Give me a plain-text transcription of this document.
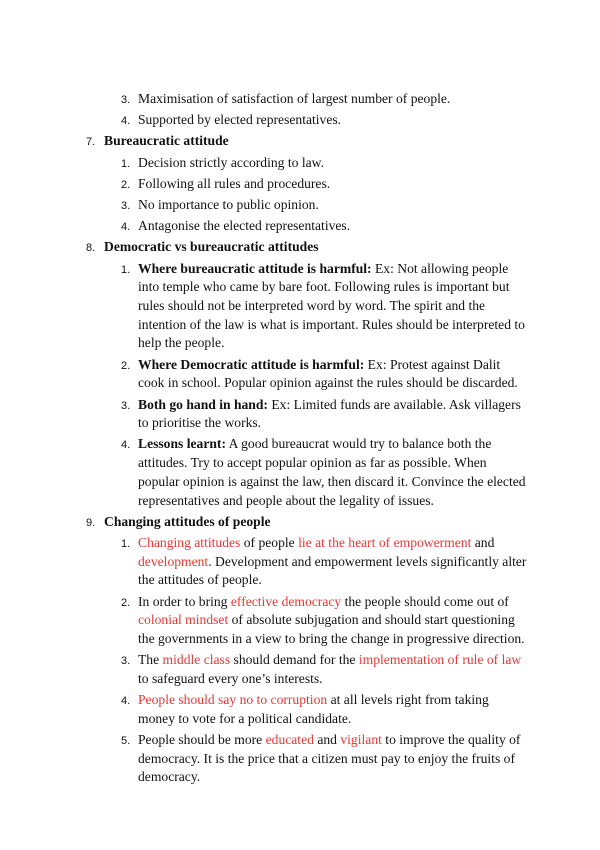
3. Maximisation of satisfaction of largest number of people.
4. Supported by elected representatives.
7. Bureaucratic attitude
1. Decision strictly according to law.
2. Following all rules and procedures.
3. No importance to public opinion.
4. Antagonise the elected representatives.
8. Democratic vs bureaucratic attitudes
1. Where bureaucratic attitude is harmful: Ex: Not allowing people into temple who came by bare foot. Following rules is important but rules should not be interpreted word by word. The spirit and the intention of the law is what is important. Rules should be interpreted to help the people.
2. Where Democratic attitude is harmful: Ex: Protest against Dalit cook in school. Popular opinion against the rules should be discarded.
3. Both go hand in hand: Ex: Limited funds are available. Ask villagers to prioritise the works.
4. Lessons learnt: A good bureaucrat would try to balance both the attitudes. Try to accept popular opinion as far as possible. When popular opinion is against the law, then discard it. Convince the elected representatives and people about the legality of issues.
9. Changing attitudes of people
1. Changing attitudes of people lie at the heart of empowerment and development. Development and empowerment levels significantly alter the attitudes of people.
2. In order to bring effective democracy the people should come out of colonial mindset of absolute subjugation and should start questioning the governments in a view to bring the change in progressive direction.
3. The middle class should demand for the implementation of rule of law to safeguard every one’s interests.
4. People should say no to corruption at all levels right from taking money to vote for a political candidate.
5. People should be more educated and vigilant to improve the quality of democracy. It is the price that a citizen must pay to enjoy the fruits of democracy.
